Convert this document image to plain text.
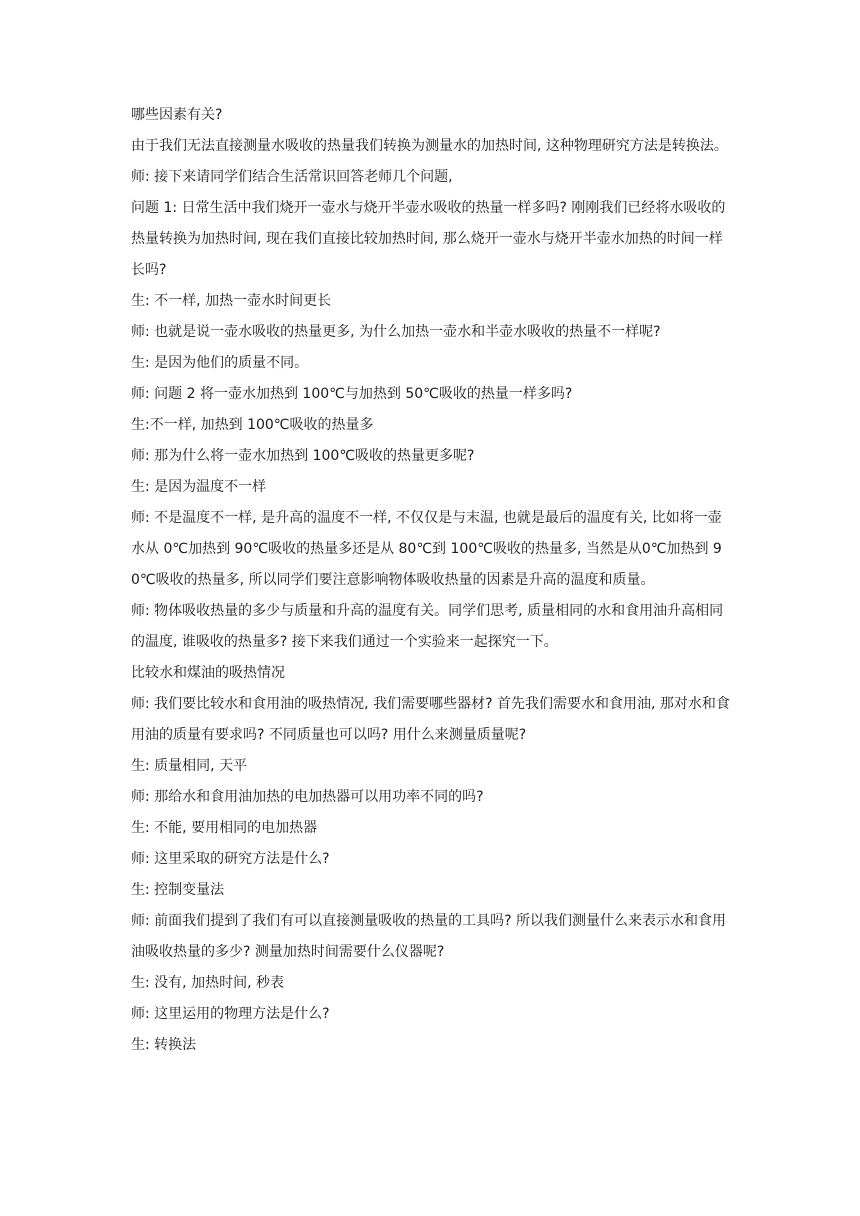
哪些因素有关?

由于我们无法直接测量水吸收的热量我们转换为测量水的加热时间, 这种物理研究方法是转换法。

师: 接下来请同学们结合生活常识回答老师几个问题,

问题 1: 日常生活中我们烧开一壶水与烧开半壶水吸收的热量一样多吗? 刚刚我们已经将水吸收的热量转换为加热时间, 现在我们直接比较加热时间, 那么烧开一壶水与烧开半壶水加热的时间一样长吗?

生: 不一样, 加热一壶水时间更长

师: 也就是说一壶水吸收的热量更多, 为什么加热一壶水和半壶水吸收的热量不一样呢?

生: 是因为他们的质量不同。

师: 问题 2 将一壶水加热到 100℃与加热到 50℃吸收的热量一样多吗?

生:不一样, 加热到 100℃吸收的热量多

师: 那为什么将一壶水加热到 100℃吸收的热量更多呢?

生: 是因为温度不一样

师: 不是温度不一样, 是升高的温度不一样, 不仅仅是与末温, 也就是最后的温度有关, 比如将一壶水从 0℃加热到 90℃吸收的热量多还是从 80℃到 100℃吸收的热量多, 当然是从0℃加热到 90℃吸收的热量多, 所以同学们要注意影响物体吸收热量的因素是升高的温度和质量。

师: 物体吸收热量的多少与质量和升高的温度有关。同学们思考, 质量相同的水和食用油升高相同的温度, 谁吸收的热量多? 接下来我们通过一个实验来一起探究一下。

比较水和煤油的吸热情况

师: 我们要比较水和食用油的吸热情况, 我们需要哪些器材? 首先我们需要水和食用油, 那对水和食用油的质量有要求吗? 不同质量也可以吗? 用什么来测量质量呢?

生: 质量相同, 天平

师: 那给水和食用油加热的电加热器可以用功率不同的吗?

生: 不能, 要用相同的电加热器

师: 这里采取的研究方法是什么?

生: 控制变量法

师: 前面我们提到了我们有可以直接测量吸收的热量的工具吗? 所以我们测量什么来表示水和食用油吸收热量的多少? 测量加热时间需要什么仪器呢?

生: 没有, 加热时间, 秒表

师: 这里运用的物理方法是什么?

生: 转换法
